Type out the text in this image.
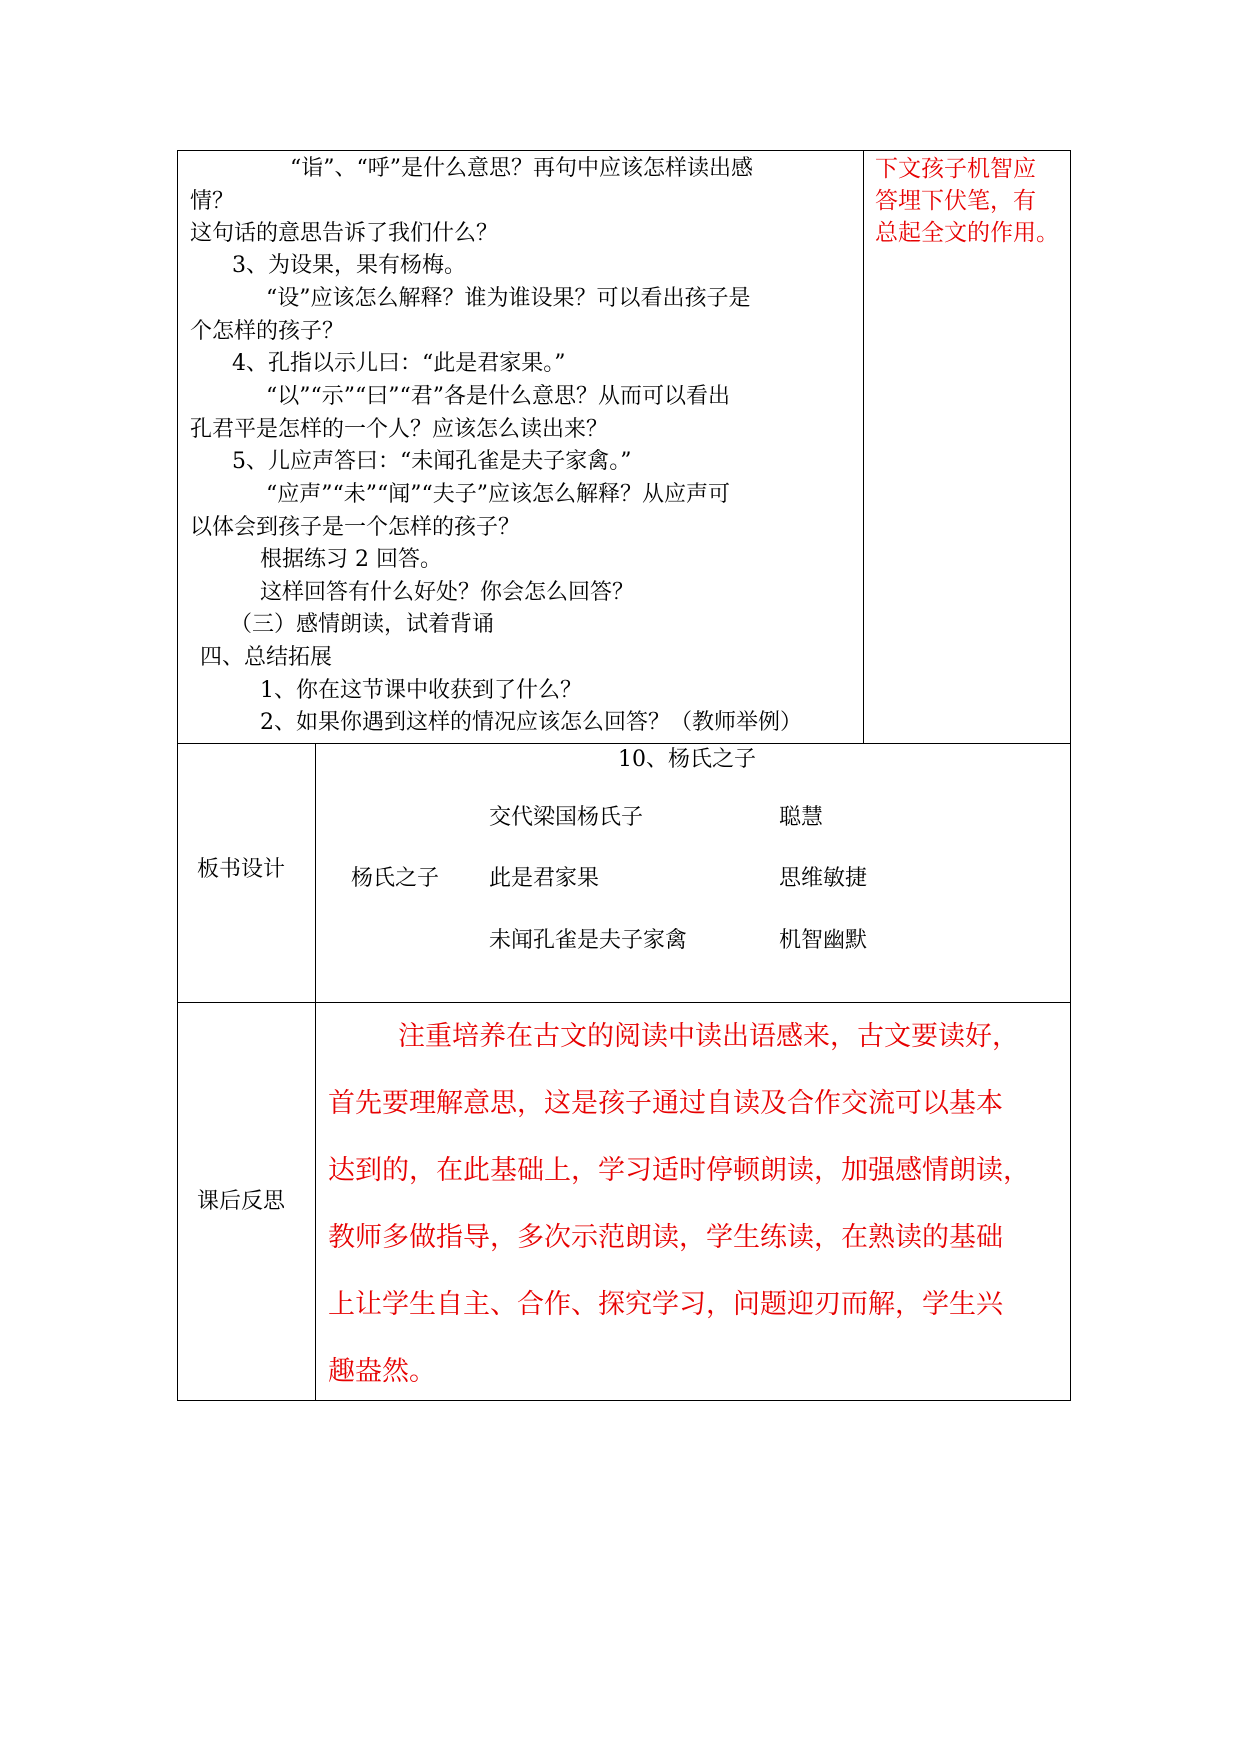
“诣”、“呼”是什么意思？再句中应该怎样读出感
情？
这句话的意思告诉了我们什么？
3、为设果，果有杨梅。
“设”应该怎么解释？谁为谁设果？可以看出孩子是
个怎样的孩子？
4、孔指以示儿曰：“此是君家果。”
“以”“示”“曰”“君”各是什么意思？从而可以看出
孔君平是怎样的一个人？应该怎么读出来？
5、儿应声答曰：“未闻孔雀是夫子家禽。”
“应声”“未”“闻”“夫子”应该怎么解释？从应声可
以体会到孩子是一个怎样的孩子？
根据练习 2 回答。
这样回答有什么好处？你会怎么回答？
（三）感情朗读，试着背诵
四、总结拓展
1、你在这节课中收获到了什么？
2、如果你遇到这样的情况应该怎么回答？（教师举例）
下文孩子机智应
答埋下伏笔，有
总起全文的作用。
板书设计
10、杨氏之子
杨氏之子
交代梁国杨氏子
此是君家果
未闻孔雀是夫子家禽
聪慧
思维敏捷
机智幽默
课后反思
注重培养在古文的阅读中读出语感来，古文要读好，
首先要理解意思，这是孩子通过自读及合作交流可以基本
达到的，在此基础上，学习适时停顿朗读，加强感情朗读，
教师多做指导，多次示范朗读，学生练读，在熟读的基础
上让学生自主、合作、探究学习，问题迎刃而解，学生兴
趣盎然。
